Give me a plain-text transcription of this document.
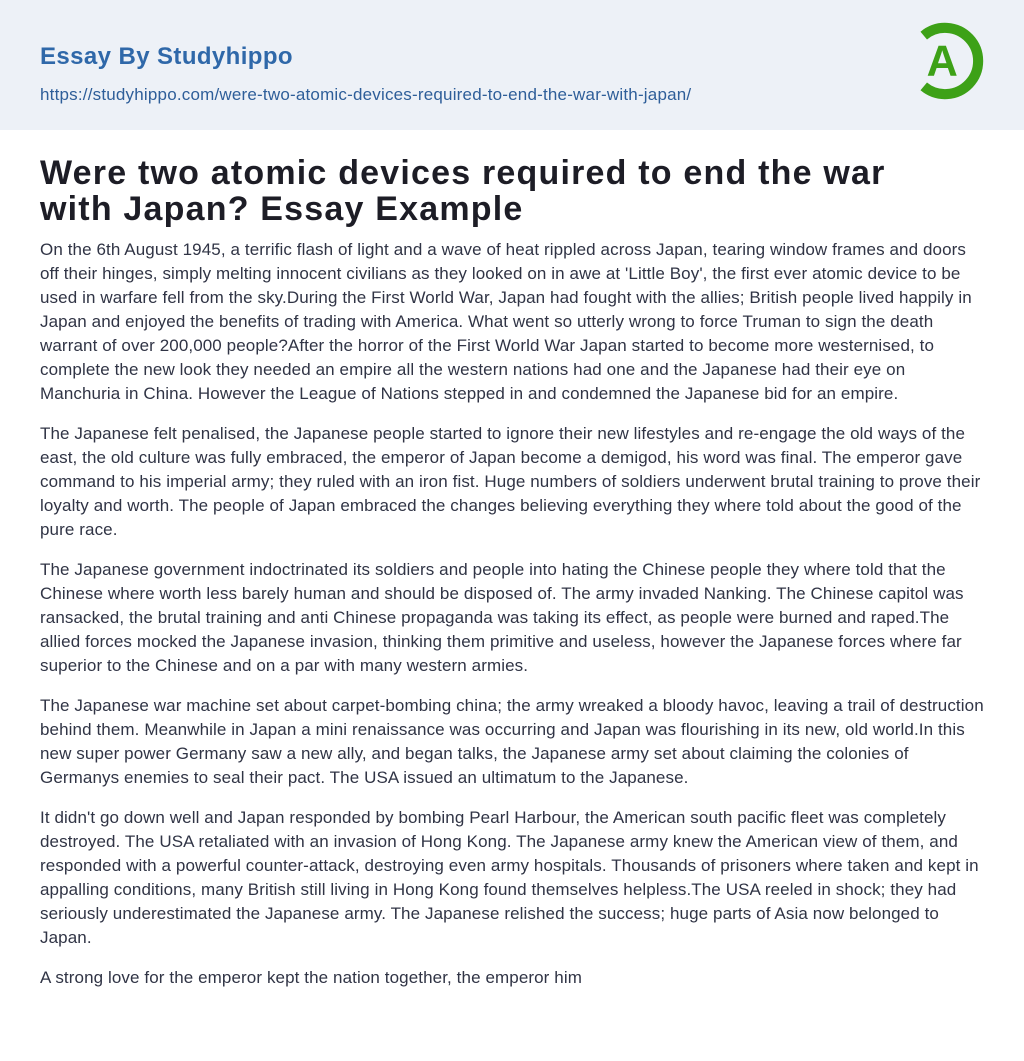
Essay By Studyhippo
https://studyhippo.com/were-two-atomic-devices-required-to-end-the-war-with-japan/
A
Were two atomic devices required to end the war with Japan? Essay Example

On the 6th August 1945, a terrific flash of light and a wave of heat rippled across Japan, tearing window frames and doors off their hinges, simply melting innocent civilians as they looked on in awe at 'Little Boy', the first ever atomic device to be used in warfare fell from the sky.During the First World War, Japan had fought with the allies; British people lived happily in Japan and enjoyed the benefits of trading with America. What went so utterly wrong to force Truman to sign the death warrant of over 200,000 people?After the horror of the First World War Japan started to become more westernised, to complete the new look they needed an empire all the western nations had one and the Japanese had their eye on Manchuria in China. However the League of Nations stepped in and condemned the Japanese bid for an empire.

The Japanese felt penalised, the Japanese people started to ignore their new lifestyles and re-engage the old ways of the east, the old culture was fully embraced, the emperor of Japan become a demigod, his word was final. The emperor gave command to his imperial army; they ruled with an iron fist. Huge numbers of soldiers underwent brutal training to prove their loyalty and worth. The people of Japan embraced the changes believing everything they where told about the good of the pure race.

The Japanese government indoctrinated its soldiers and people into hating the Chinese people they where told that the Chinese where worth less barely human and should be disposed of. The army invaded Nanking. The Chinese capitol was ransacked, the brutal training and anti Chinese propaganda was taking its effect, as people were burned and raped.The allied forces mocked the Japanese invasion, thinking them primitive and useless, however the Japanese forces where far superior to the Chinese and on a par with many western armies.

The Japanese war machine set about carpet-bombing china; the army wreaked a bloody havoc, leaving a trail of destruction behind them. Meanwhile in Japan a mini renaissance was occurring and Japan was flourishing in its new, old world.In this new super power Germany saw a new ally, and began talks, the Japanese army set about claiming the colonies of Germanys enemies to seal their pact. The USA issued an ultimatum to the Japanese.

It didn't go down well and Japan responded by bombing Pearl Harbour, the American south pacific fleet was completely destroyed. The USA retaliated with an invasion of Hong Kong. The Japanese army knew the American view of them, and responded with a powerful counter-attack, destroying even army hospitals. Thousands of prisoners where taken and kept in appalling conditions, many British still living in Hong Kong found themselves helpless.The USA reeled in shock; they had seriously underestimated the Japanese army. The Japanese relished the success; huge parts of Asia now belonged to Japan.

A strong love for the emperor kept the nation together, the emperor him
